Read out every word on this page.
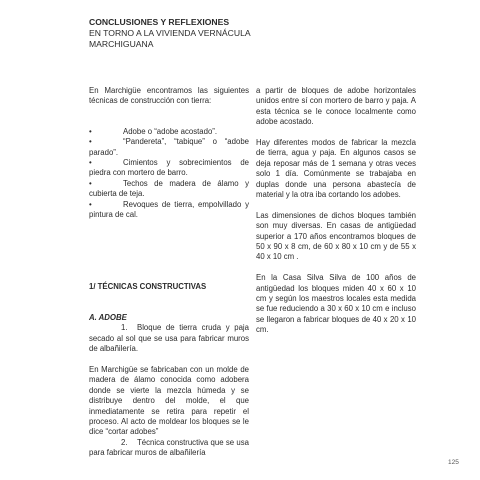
CONCLUSIONES Y REFLEXIONES
EN TORNO A LA VIVIENDA VERNÁCULA
MARCHIGUANA

En Marchigüe encontramos las siguientes técnicas de construcción con tierra:

•	Adobe o “adobe acostado”.
•	“Pandereta”, “tabique” o “adobe parado”.
•	Cimientos y sobrecimientos de piedra con mortero de barro.
•	Techos de madera de álamo y cubierta de teja.
•	Revoques de tierra, empolvillado y pintura de cal.

1/ TÉCNICAS CONSTRUCTIVAS

A. ADOBE

1. Bloque de tierra cruda y paja secado al sol que se usa para fabricar muros de albañilería.

En Marchigüe se fabricaban con un molde de madera de álamo conocida como adobera donde se vierte la mezcla húmeda y se distribuye dentro del molde, el que inmediatamente se retira para repetir el proceso. Al acto de moldear los bloques se le dice “cortar adobes”

2. Técnica constructiva que se usa para fabricar muros de albañilería

a partir de bloques de adobe horizontales unidos entre sí con mortero de barro y paja. A esta técnica se le conoce localmente como adobe acostado.

Hay diferentes modos de fabricar la mezcla de tierra, agua y paja. En algunos casos se deja reposar más de 1 semana y otras veces solo 1 día. Comúnmente se trabajaba en duplas donde una persona abastecía de material y la otra iba cortando los adobes.

Las dimensiones de dichos bloques también son muy diversas. En casas de antigüedad superior a 170 años encontramos bloques de 50 x 90 x 8 cm, de 60 x 80 x 10 cm y de 55 x 40 x 10 cm .

En la Casa Silva Silva de 100 años de antigüedad los bloques miden 40 x 60 x 10 cm y según los maestros locales esta medida se fue reduciendo a 30 x 60 x 10 cm e incluso se llegaron a fabricar bloques de 40 x 20 x 10 cm.

125
